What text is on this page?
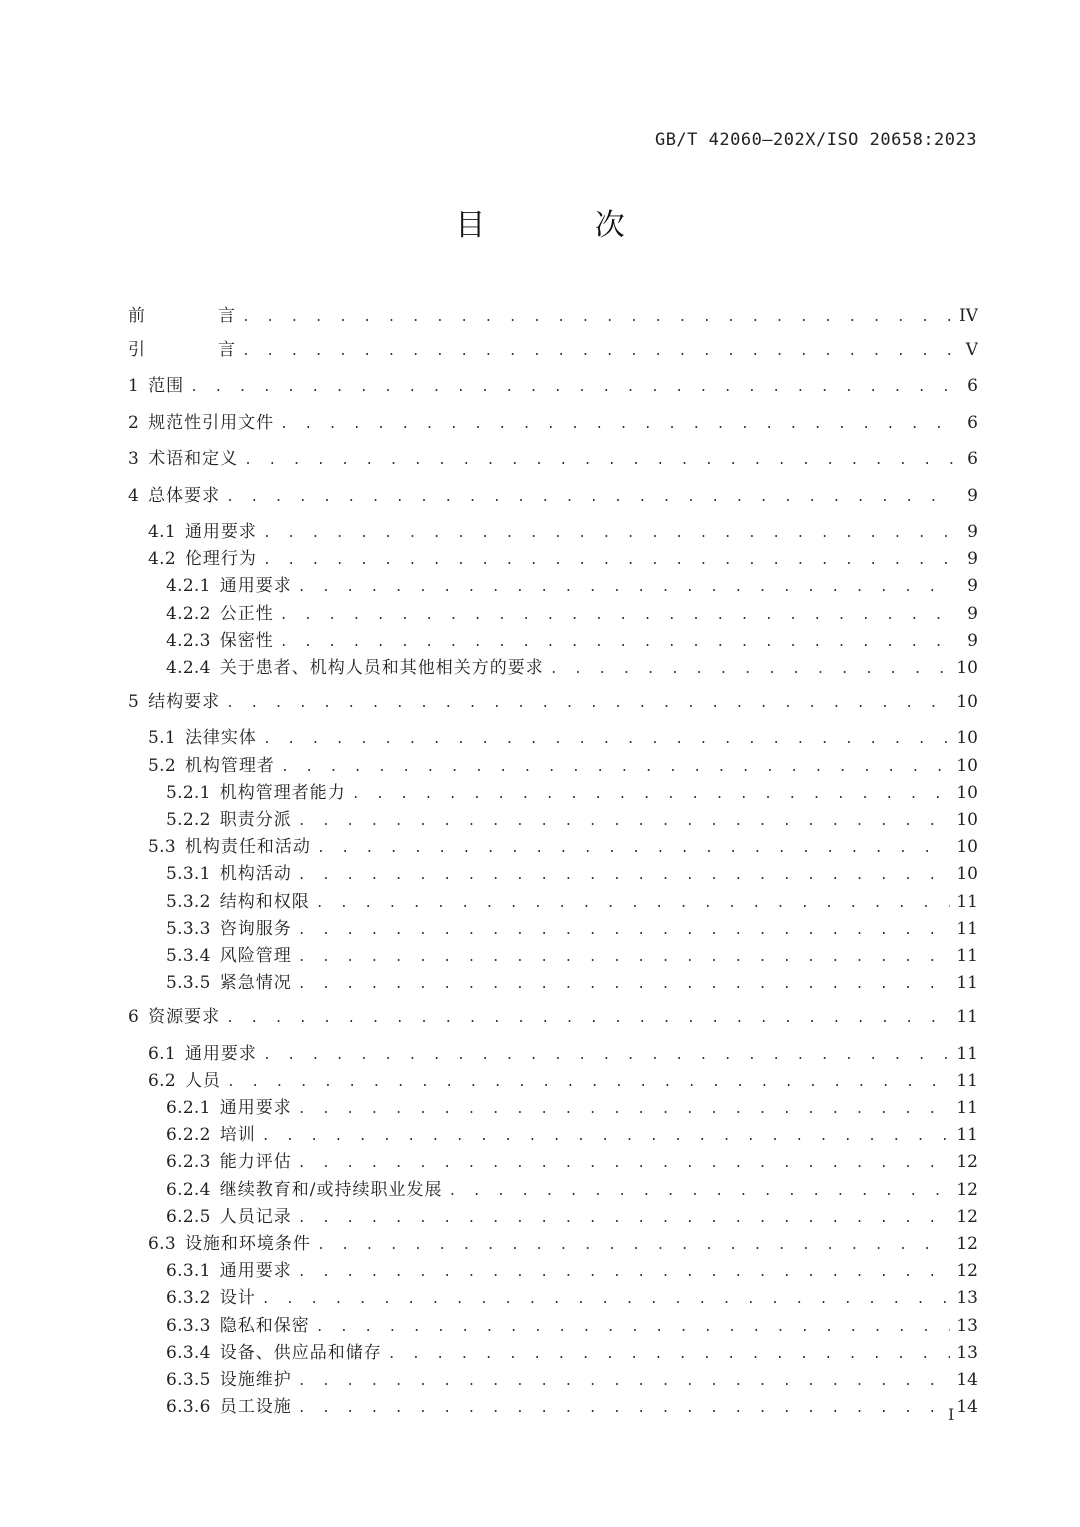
GB/T 42060—202X/ISO 20658:2023
目 次
前　　　　言 . . .	IV
引　　　　言 . . .	V
1 范围 . . .	6
2 规范性引用文件 . . .	6
3 术语和定义 . . .	6
4 总体要求 . . .	9
4.1 通用要求 . . .	9
4.2 伦理行为 . . .	9
4.2.1 通用要求 . . .	9
4.2.2 公正性 . . .	9
4.2.3 保密性 . . .	9
4.2.4 关于患者、机构人员和其他相关方的要求 . . .	10
5 结构要求 . . .	10
5.1 法律实体 . . .	10
5.2 机构管理者 . . .	10
5.2.1 机构管理者能力 . . .	10
5.2.2 职责分派 . . .	10
5.3 机构责任和活动 . . .	10
5.3.1 机构活动 . . .	10
5.3.2 结构和权限 . . .	11
5.3.3 咨询服务 . . .	11
5.3.4 风险管理 . . .	11
5.3.5 紧急情况 . . .	11
6 资源要求 . . .	11
6.1 通用要求 . . .	11
6.2 人员 . . .	11
6.2.1 通用要求 . . .	11
6.2.2 培训 . . .	11
6.2.3 能力评估 . . .	12
6.2.4 继续教育和/或持续职业发展 . . .	12
6.2.5 人员记录 . . .	12
6.3 设施和环境条件 . . .	12
6.3.1 通用要求 . . .	12
6.3.2 设计 . . .	13
6.3.3 隐私和保密 . . .	13
6.3.4 设备、供应品和储存 . . .	13
6.3.5 设施维护 . . .	14
6.3.6 员工设施 . . .	14
I
